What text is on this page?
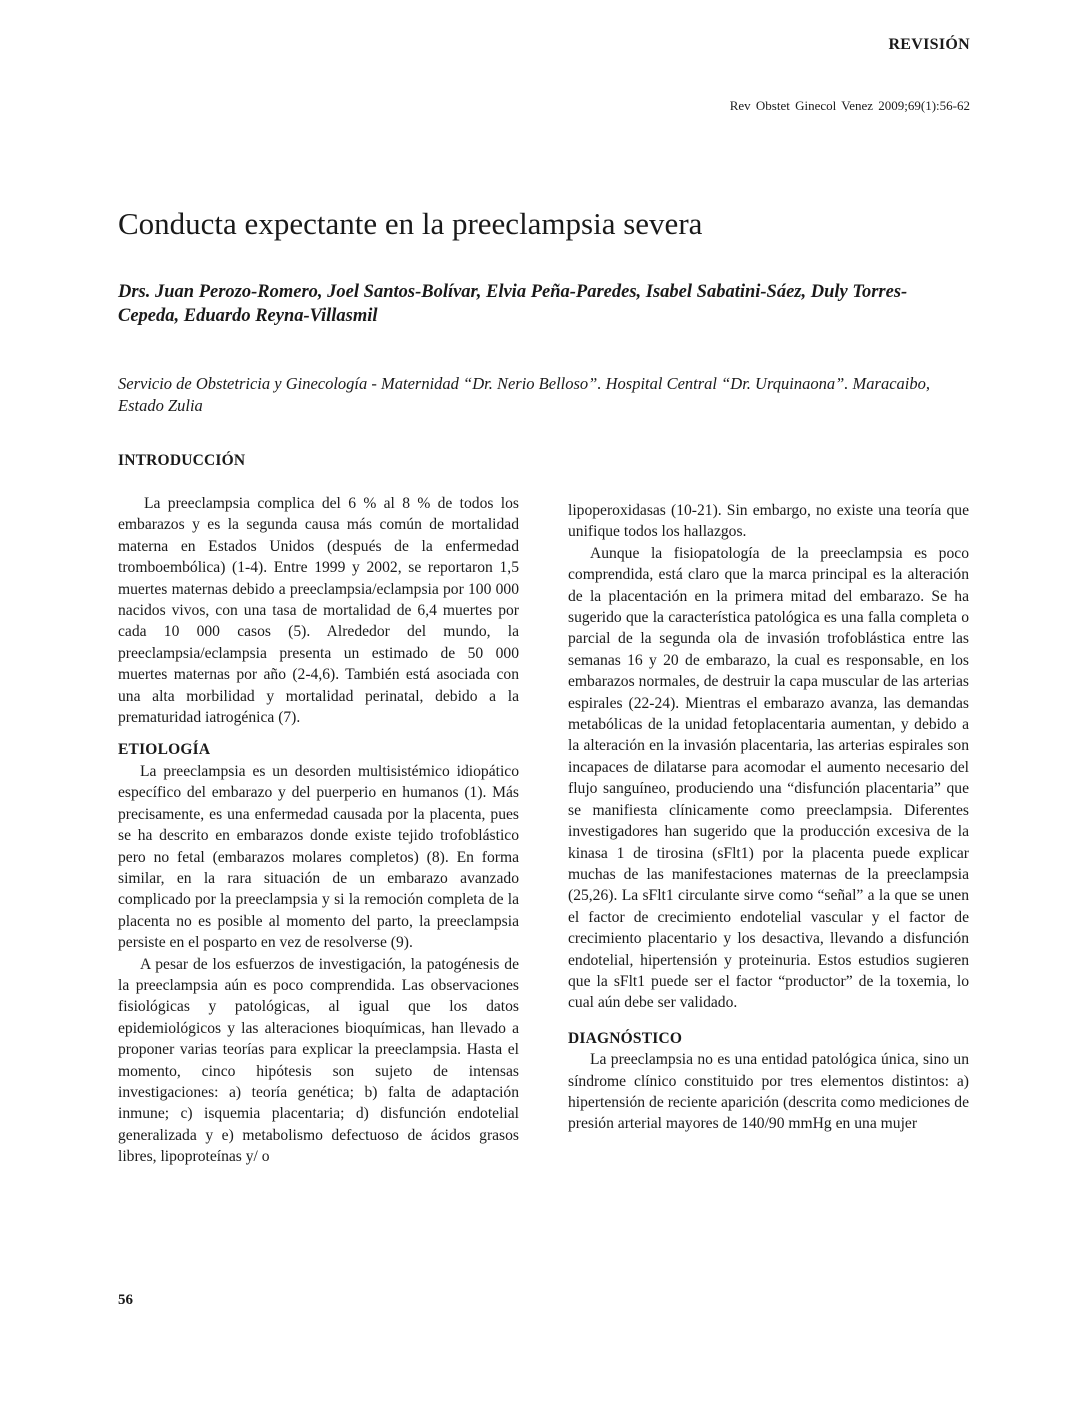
REVISIÓN
Rev Obstet Ginecol Venez 2009;69(1):56-62
Conducta expectante en la preeclampsia severa
Drs. Juan Perozo-Romero, Joel Santos-Bolívar, Elvia Peña-Paredes, Isabel Sabatini-Sáez, Duly Torres-Cepeda, Eduardo Reyna-Villasmil
Servicio de Obstetricia y Ginecología - Maternidad “Dr. Nerio Belloso”. Hospital Central “Dr. Urquinaona”. Maracaibo, Estado Zulia
INTRODUCCIÓN

La preeclampsia complica del 6 % al 8 % de todos los embarazos y es la segunda causa más común de mortalidad materna en Estados Unidos (después de la enfermedad tromboembólica) (1-4). Entre 1999 y 2002, se reportaron 1,5 muertes maternas debido a preeclampsia/eclampsia por 100 000 nacidos vivos, con una tasa de mortalidad de 6,4 muertes por cada 10 000 casos (5). Alrededor del mundo, la preeclampsia/eclampsia presenta un estimado de 50 000 muertes maternas por año (2-4,6). También está asociada con una alta morbilidad y mortalidad perinatal, debido a la prematuridad iatrogénica (7).

ETIOLOGÍA

La preeclampsia es un desorden multisistémico idiopático específico del embarazo y del puerperio en humanos (1). Más precisamente, es una enfermedad causada por la placenta, pues se ha descrito en embarazos donde existe tejido trofoblástico pero no fetal (embarazos molares completos) (8). En forma similar, en la rara situación de un embarazo avanzado complicado por la preeclampsia y si la remoción completa de la placenta no es posible al momento del parto, la preeclampsia persiste en el posparto en vez de resolverse (9).

A pesar de los esfuerzos de investigación, la patogénesis de la preeclampsia aún es poco comprendida. Las observaciones fisiológicas y patológicas, al igual que los datos epidemiológicos y las alteraciones bioquímicas, han llevado a proponer varias teorías para explicar la preeclampsia. Hasta el momento, cinco hipótesis son sujeto de intensas investigaciones: a) teoría genética; b) falta de adaptación inmune; c) isquemia placentaria; d) disfunción endotelial generalizada y e) metabolismo defectuoso de ácidos grasos libres, lipoproteínas y/ o

lipoperoxidasas (10-21). Sin embargo, no existe una teoría que unifique todos los hallazgos.

Aunque la fisiopatología de la preeclampsia es poco comprendida, está claro que la marca principal es la alteración de la placentación en la primera mitad del embarazo. Se ha sugerido que la característica patológica es una falla completa o parcial de la segunda ola de invasión trofoblástica entre las semanas 16 y 20 de embarazo, la cual es responsable, en los embarazos normales, de destruir la capa muscular de las arterias espirales (22-24). Mientras el embarazo avanza, las demandas metabólicas de la unidad fetoplacentaria aumentan, y debido a la alteración en la invasión placentaria, las arterias espirales son incapaces de dilatarse para acomodar el aumento necesario del flujo sanguíneo, produciendo una “disfunción placentaria” que se manifiesta clínicamente como preeclampsia. Diferentes investigadores han sugerido que la producción excesiva de la kinasa 1 de tirosina (sFlt1) por la placenta puede explicar muchas de las manifestaciones maternas de la preeclampsia (25,26). La sFlt1 circulante sirve como “señal” a la que se unen el factor de crecimiento endotelial vascular y el factor de crecimiento placentario y los desactiva, llevando a disfunción endotelial, hipertensión y proteinuria. Estos estudios sugieren que la sFlt1 puede ser el factor “productor” de la toxemia, lo cual aún debe ser validado.

DIAGNÓSTICO

La preeclampsia no es una entidad patológica única, sino un síndrome clínico constituido por tres elementos distintos: a) hipertensión de reciente aparición (descrita como mediciones de presión arterial mayores de 140/90 mmHg en una mujer

56
